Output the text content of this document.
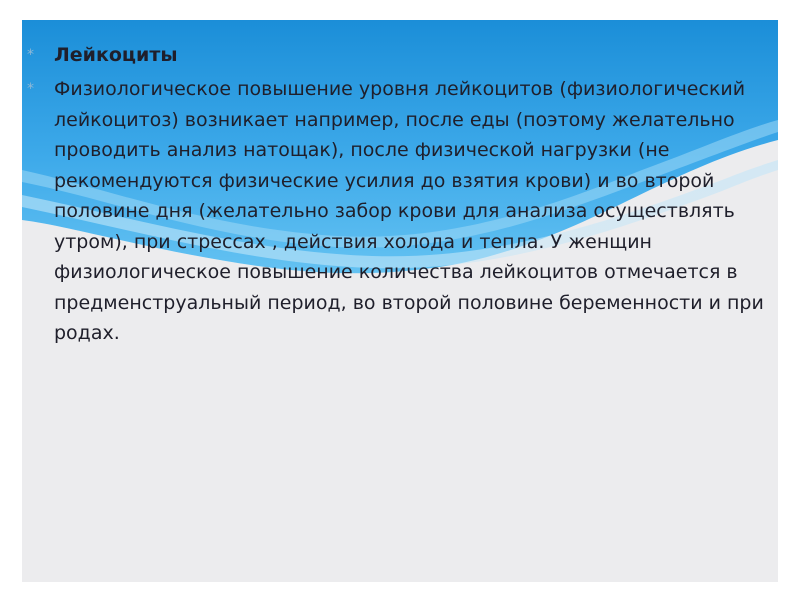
*	Лейкоциты
*	Физиологическое повышение уровня лейкоцитов (физиологический лейкоцитоз) возникает например, после еды (поэтому желательно проводить анализ натощак), после физической нагрузки (не рекомендуются физические усилия до взятия крови) и во второй половине дня (желательно забор крови для анализа осуществлять утром), при стрессах , действия холода и тепла. У женщин физиологическое повышение количества лейкоцитов отмечается в предменструальный период, во второй половине беременности и при родах.
